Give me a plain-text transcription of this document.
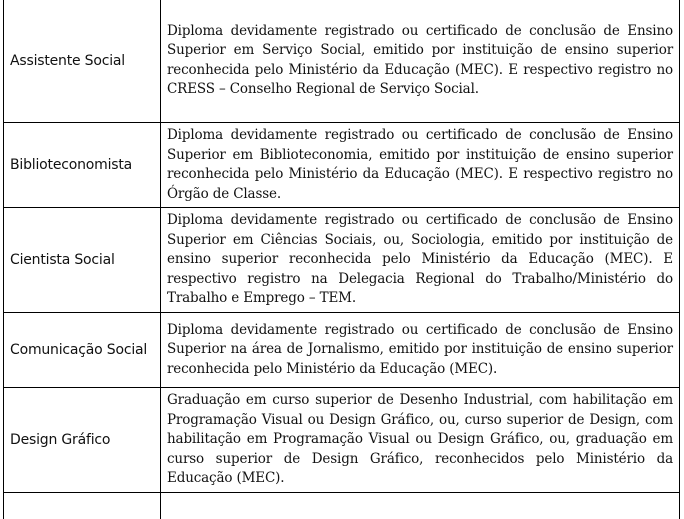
Assistente Social	Diploma devidamente registrado ou certificado de conclusão de Ensino Superior em Serviço Social, emitido por instituição de ensino superior reconhecida pelo Ministério da Educação (MEC). E respectivo registro no CRESS – Conselho Regional de Serviço Social.
Biblioteconomista	Diploma devidamente registrado ou certificado de conclusão de Ensino Superior em Biblioteconomia, emitido por instituição de ensino superior reconhecida pelo Ministério da Educação (MEC). E respectivo registro no Órgão de Classe.
Cientista Social	Diploma devidamente registrado ou certificado de conclusão de Ensino Superior em Ciências Sociais, ou, Sociologia, emitido por instituição de ensino superior reconhecida pelo Ministério da Educação (MEC). E respectivo registro na Delegacia Regional do Trabalho/Ministério do Trabalho e Emprego – TEM.
Comunicação Social	Diploma devidamente registrado ou certificado de conclusão de Ensino Superior na área de Jornalismo, emitido por instituição de ensino superior reconhecida pelo Ministério da Educação (MEC).
Design Gráfico	Graduação em curso superior de Desenho Industrial, com habilitação em Programação Visual ou Design Gráfico, ou, curso superior de Design, com habilitação em Programação Visual ou Design Gráfico, ou, graduação em curso superior de Design Gráfico, reconhecidos pelo Ministério da Educação (MEC).
